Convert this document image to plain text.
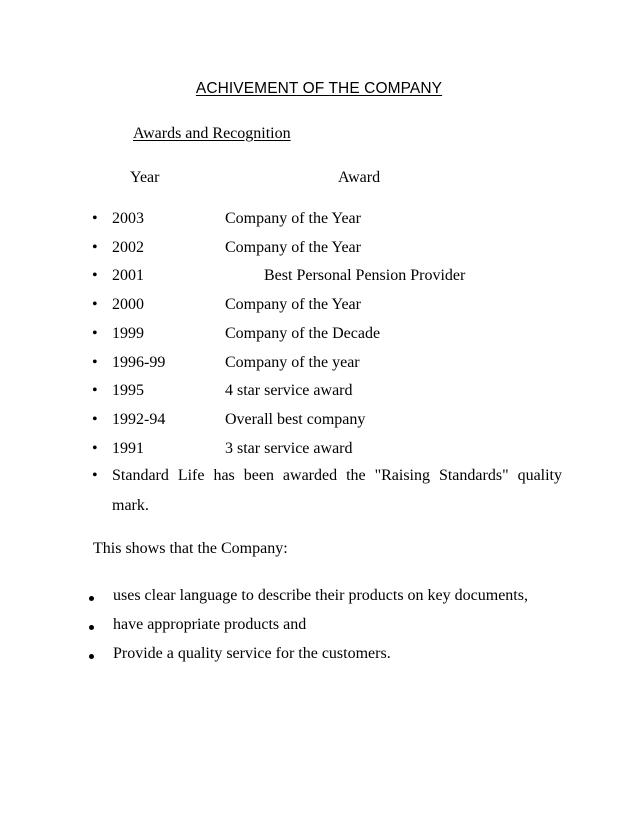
ACHIVEMENT OF THE COMPANY
Awards and Recognition
Year	Award
• 2003	Company of the Year
• 2002	Company of the Year
• 2001	Best Personal Pension Provider
• 2000	Company of the Year
• 1999	Company of the Decade
• 1996-99	Company of the year
• 1995	4 star service award
• 1992-94	Overall best company
• 1991	3 star service award
• Standard Life has been awarded the "Raising Standards" quality mark.
This shows that the Company:
uses clear language to describe their products on key documents,
have appropriate products and
Provide a quality service for the customers.
